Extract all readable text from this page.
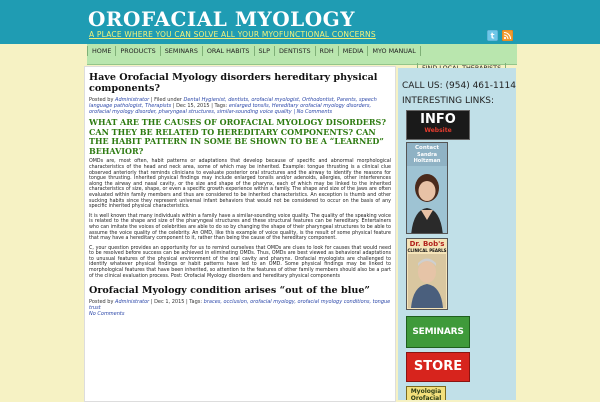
OROFACIAL MYOLOGY
A PLACE WHERE YOU CAN SOLVE ALL YOUR MYOFUNCTIONAL CONCERNS	t
HOME	PRODUCTS	SEMINARS	ORAL HABITS	SLP	DENTISTS	RDH	MEDIA	MYO MANUAL
Have Orofacial Myology disorders hereditary physical components?
Posted by Administrator | Filed under Dental Hygienist, dentists, orofacial myologist, Orthodontist, Parents, speech language pathologist, Therapists | Dec 15, 2015 | Tags: enlarged tonsils, Hereditary orofacial myology disorders, orofacial myology disorder, pharyngeal structures, similar-sounding voice quality | No Comments
WHAT ARE THE CAUSES OF OROFACIAL MYOLOGY DISORDERS? CAN THEY BE RELATED TO HEREDITARY COMPONENTS? CAN THE HABIT PATTERN IN SOME BE SHOWN TO BE A “LEARNED” BEHAVIOR?

OMDs are, most often, habit patterns or adaptations that develop because of specific and abnormal morphological characteristics of the head and neck area, some of which may be inherited. Example: tongue thrusting is a clinical clue observed anteriorly that reminds clinicians to evaluate posterior oral structures and the airway to identify the reasons for tongue thrusting. Inherited physical findings may include enlarged tonsils and/or adenoids, allergies, other interferences along the airway and nasal cavity, or the size and shape of the pharynx, each of which may be linked to the inherited characteristics of size, shape, or even a specific growth experience within a family. The shape and size of the jaws are often evaluated within family members and thus are considered to be inherited characteristics. An exception is thumb and other sucking habits since they represent universal infant behaviors that would not be considered to occur on the basis of any specific inherited physical characteristics.

It is well known that many individuals within a family have a similar-sounding voice quality. The quality of the speaking voice is related to the shape and size of the pharyngeal structures and these structural features can be hereditary. Entertainers who can imitate the voices of celebrities are able to do so by changing the shape of their pharyngeal structures to be able to assume the voice quality of the celebrity. An OMD, like this example of voice quality, is the result of some physical feature that may have a hereditary component to it, rather than being the cause of the hereditary component.

C, your question provides an opportunity for us to remind ourselves that OMDs are clues to look for causes that would need to be resolved before success can be achieved in eliminating OMDs. Thus, OMDs are best viewed as behavioral adaptations to unusual features of the physical environment of the oral cavity and pharynx. Orofacial myologists are challenged to identify whatever physical findings or habit patterns have led to an OMD. Some physical findings may be linked to morphological features that have been inherited, so attention to the features of other family members should also be a part of the clinical evaluation process. Post: Orofacial Myology disorders and hereditary physical components

Orofacial Myology condition arises “out of the blue”
Posted by Administrator | Dec 1, 2015 | Tags: braces, occlusion, orofacial myology, orofacial myology conditions, tongue trust
No Comments
CALL US: (954) 461-1114
INTERESTING LINKS:
INFO
Website
Contact
Sandra Holtzman
Dr. Bob's
CLINICAL PEARLS
SEMINARS
STORE
Myologia
Orofacial
